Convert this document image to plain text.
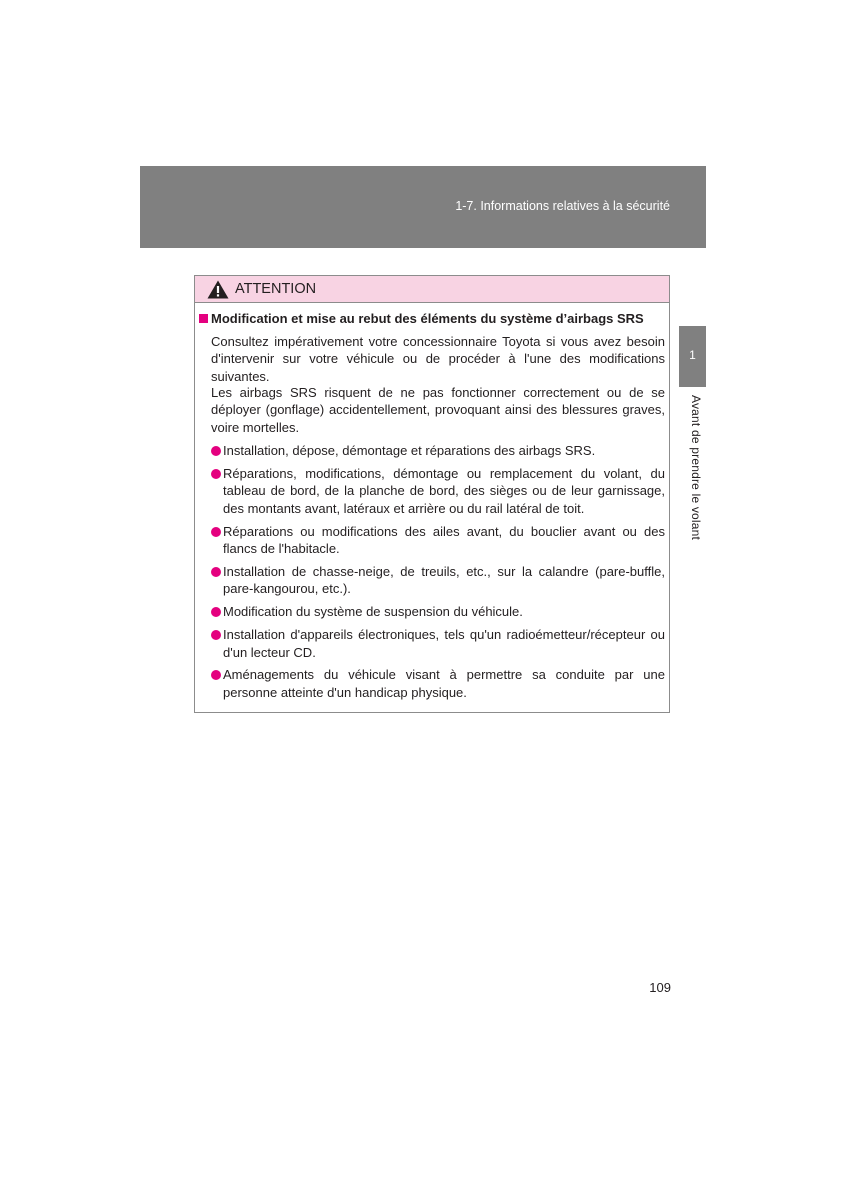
1-7. Informations relatives à la sécurité
1
Avant de prendre le volant
ATTENTION
Modification et mise au rebut des éléments du système d’airbags SRS
Consultez impérativement votre concessionnaire Toyota si vous avez besoin d'intervenir sur votre véhicule ou de procéder à l'une des modifications suivantes.
Les airbags SRS risquent de ne pas fonctionner correctement ou de se déployer (gonflage) accidentellement, provoquant ainsi des blessures graves, voire mortelles.
Installation, dépose, démontage et réparations des airbags SRS.
Réparations, modifications, démontage ou remplacement du volant, du tableau de bord, de la planche de bord, des sièges ou de leur garnissage, des montants avant, latéraux et arrière ou du rail latéral de toit.
Réparations ou modifications des ailes avant, du bouclier avant ou des flancs de l'habitacle.
Installation de chasse-neige, de treuils, etc., sur la calandre (pare-buffle, pare-kangourou, etc.).
Modification du système de suspension du véhicule.
Installation d'appareils électroniques, tels qu'un radioémetteur/récepteur ou d'un lecteur CD.
Aménagements du véhicule visant à permettre sa conduite par une personne atteinte d'un handicap physique.
109
